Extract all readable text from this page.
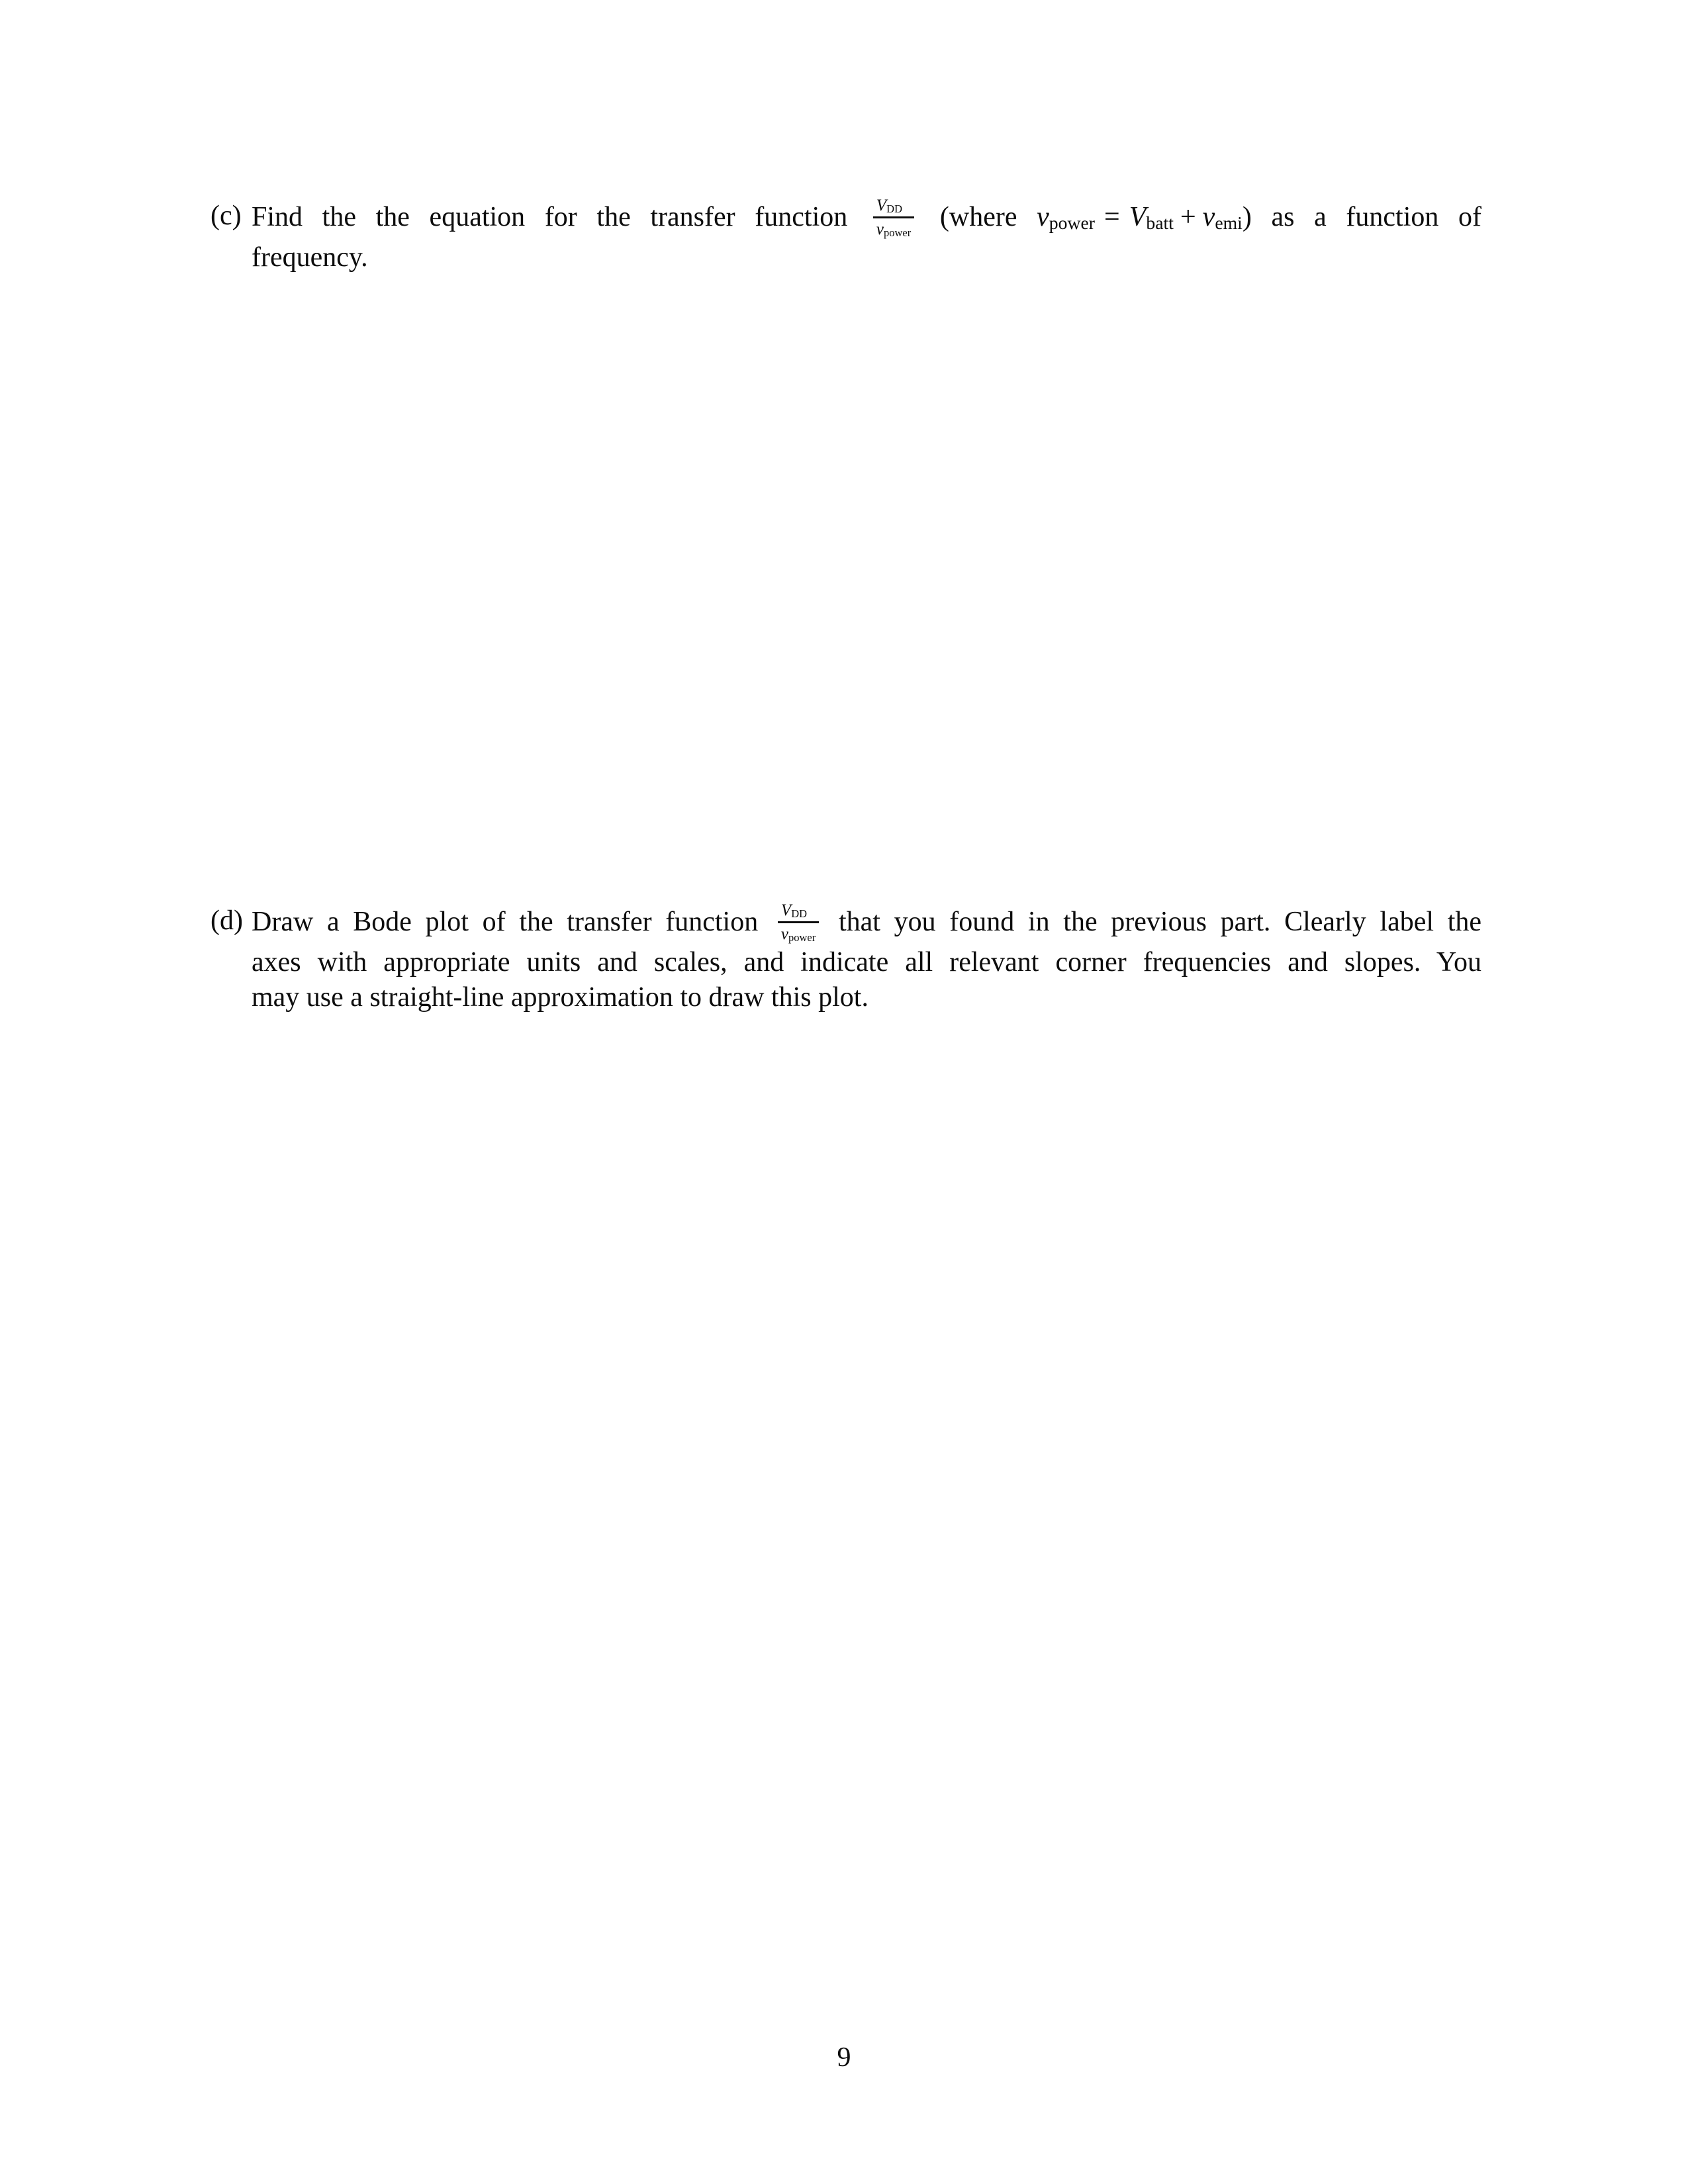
(c) Find the the equation for the transfer function $\frac{\text{VDD}}{\text{vpower}}$ (where vpower = Vbatt + vemi) as a function of
frequency.
(d) Draw a Bode plot of the transfer function $\frac{\text{VDD}}{\text{vpower}}$ that you found in the previous part. Clearly label the
axes with appropriate units and scales, and indicate all relevant corner frequencies and slopes. You
may use a straight-line approximation to draw this plot.
9
